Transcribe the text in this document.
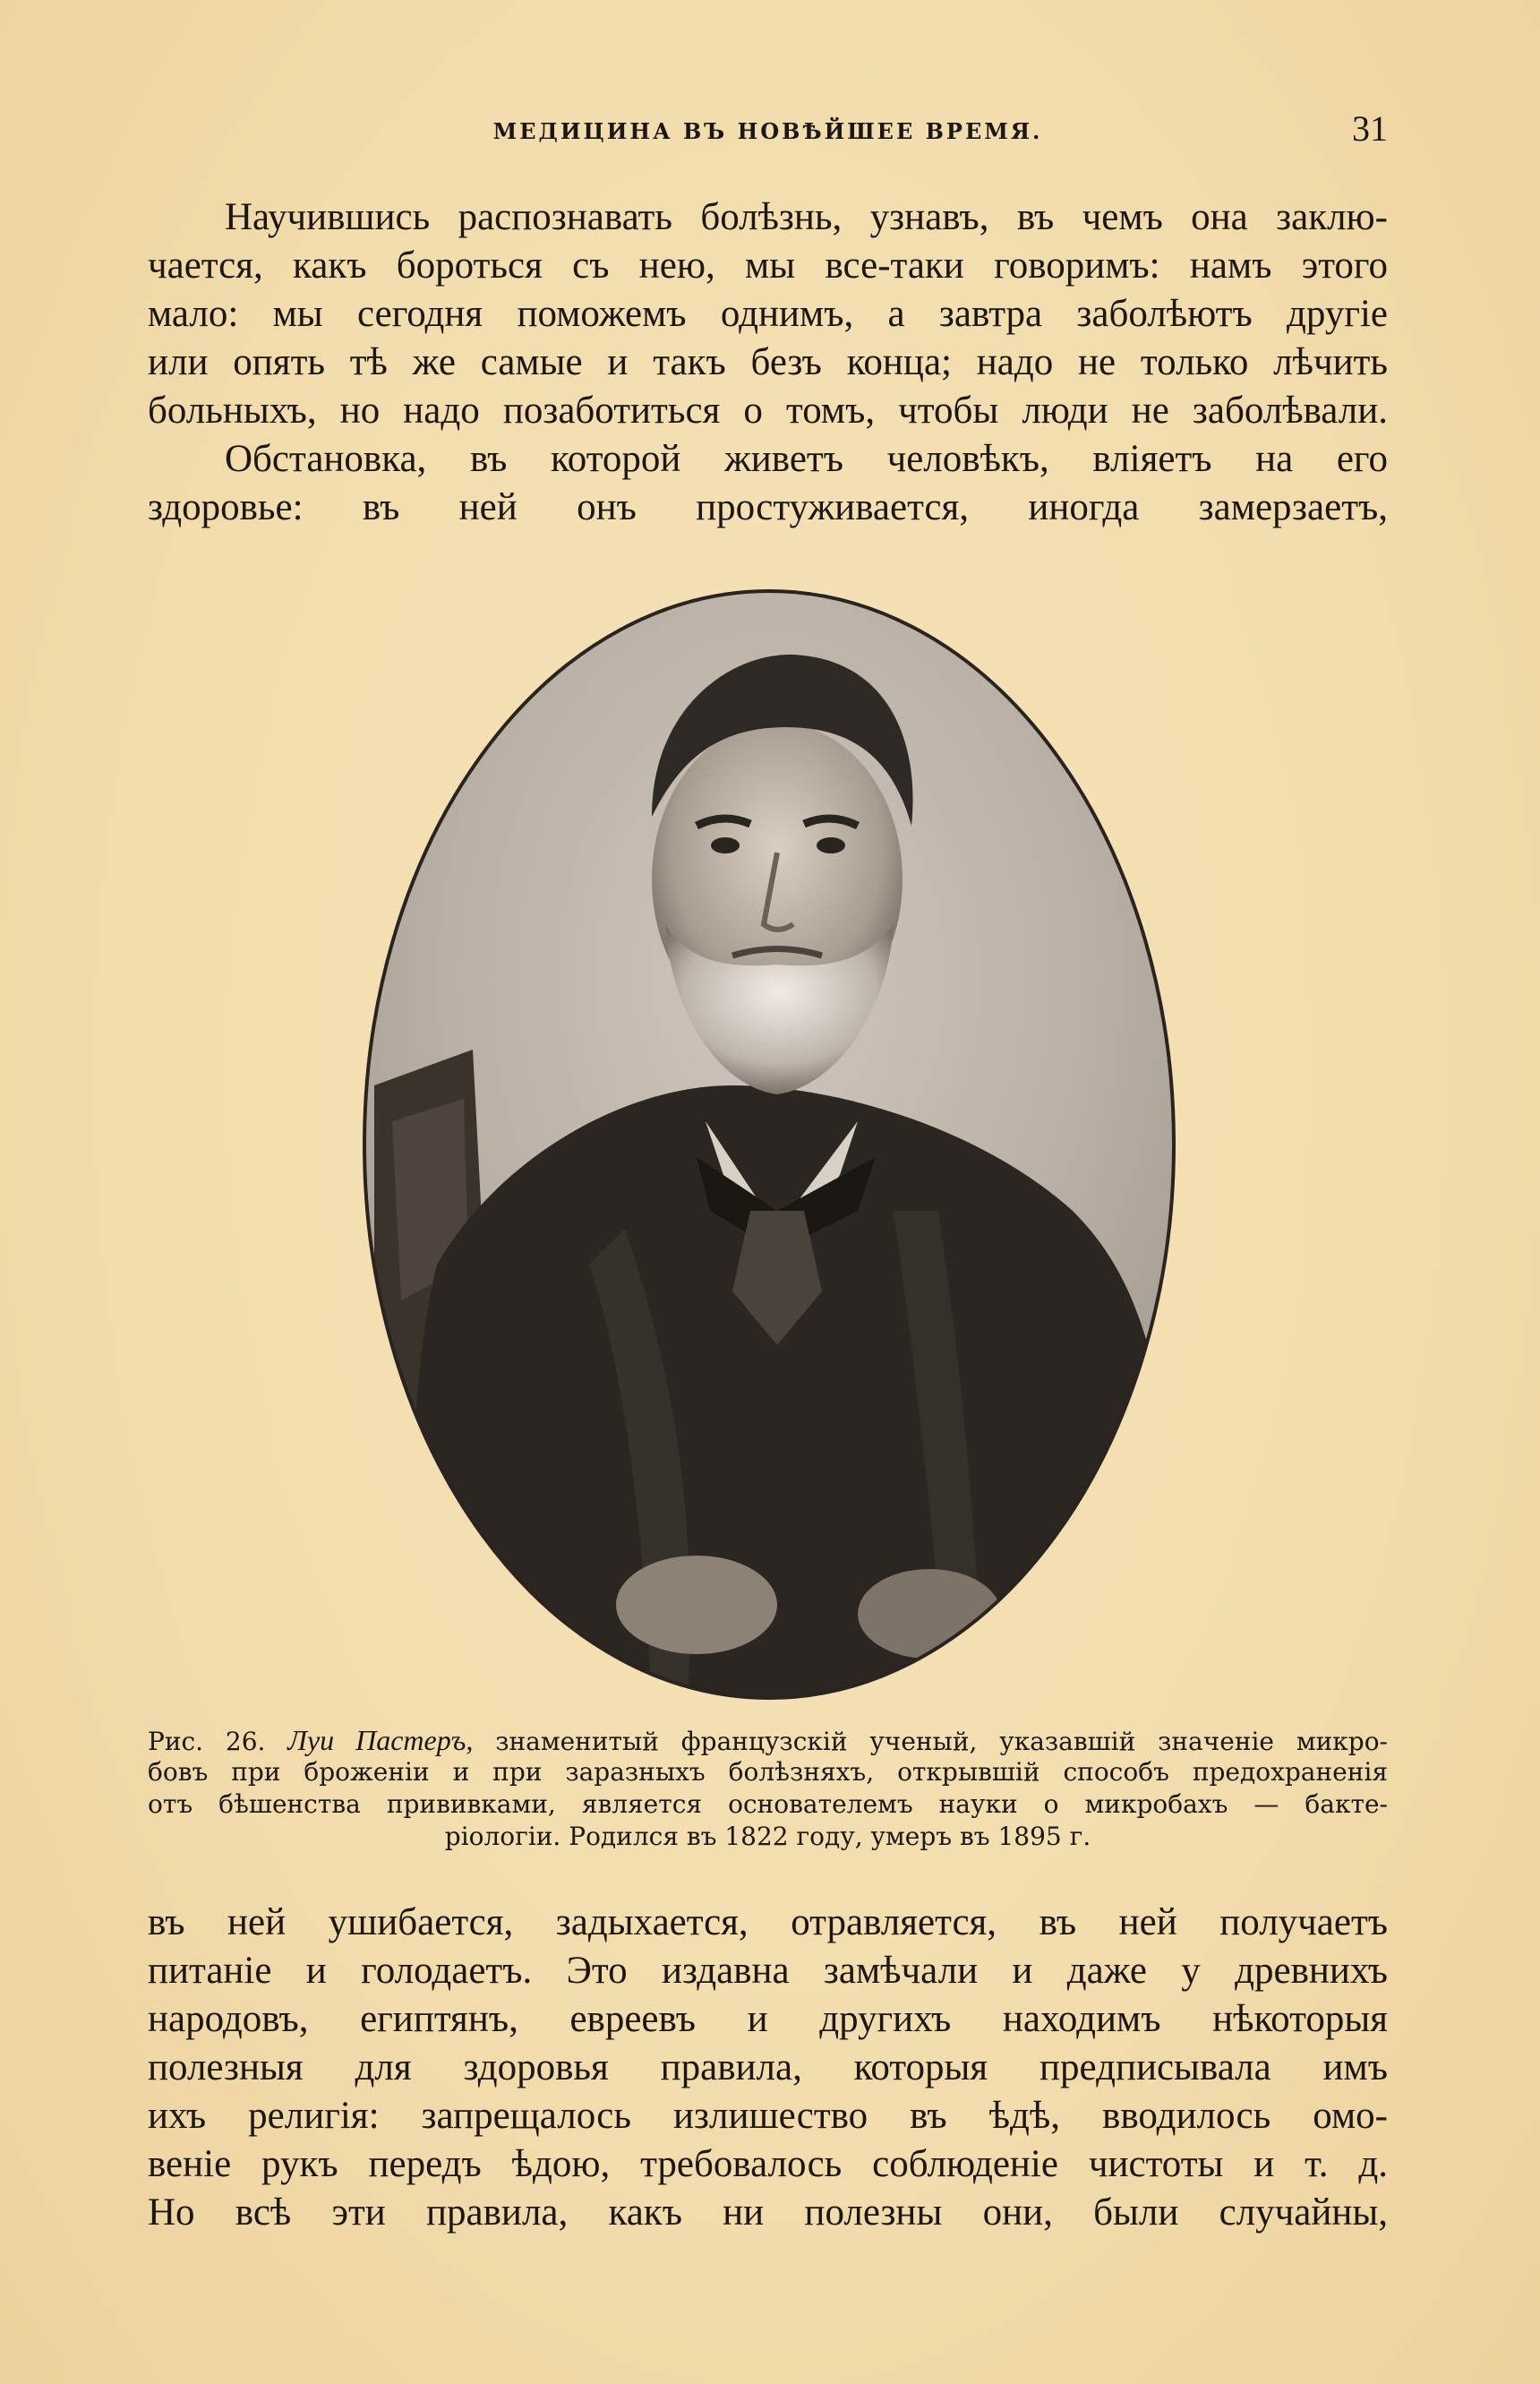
МЕДИЦИНА ВЪ НОВѢЙШЕЕ ВРЕМЯ.	31
Научившись распознавать болѣзнь, узнавъ, въ чемъ она заклю-
чается, какъ бороться съ нею, мы все-таки говоримъ: намъ этого
мало: мы сегодня поможемъ однимъ, а завтра заболѣютъ другіе
или опять тѣ же самые и такъ безъ конца; надо не только лѣчить
больныхъ, но надо позаботиться о томъ, чтобы люди не заболѣвали.
Обстановка, въ которой живетъ человѣкъ, вліяетъ на его
здоровье: въ ней онъ простуживается, иногда замерзаетъ,
Рис. 26. Луи Пастеръ, знаменитый французскій ученый, указавшій значеніе микро-
бовъ при броженіи и при заразныхъ болѣзняхъ, открывшій способъ предохраненія
отъ бѣшенства прививками, является основателемъ науки о микробахъ — бакте-
ріологіи. Родился въ 1822 году, умеръ въ 1895 г.
въ ней ушибается, задыхается, отравляется, въ ней получаетъ
питаніе и голодаетъ. Это издавна замѣчали и даже у древнихъ
народовъ, египтянъ, евреевъ и другихъ находимъ нѣкоторыя
полезныя для здоровья правила, которыя предписывала имъ
ихъ религія: запрещалось излишество въ ѣдѣ, вводилось омо-
веніе рукъ передъ ѣдою, требовалось соблюденіе чистоты и т. д.
Но всѣ эти правила, какъ ни полезны они, были случайны,
